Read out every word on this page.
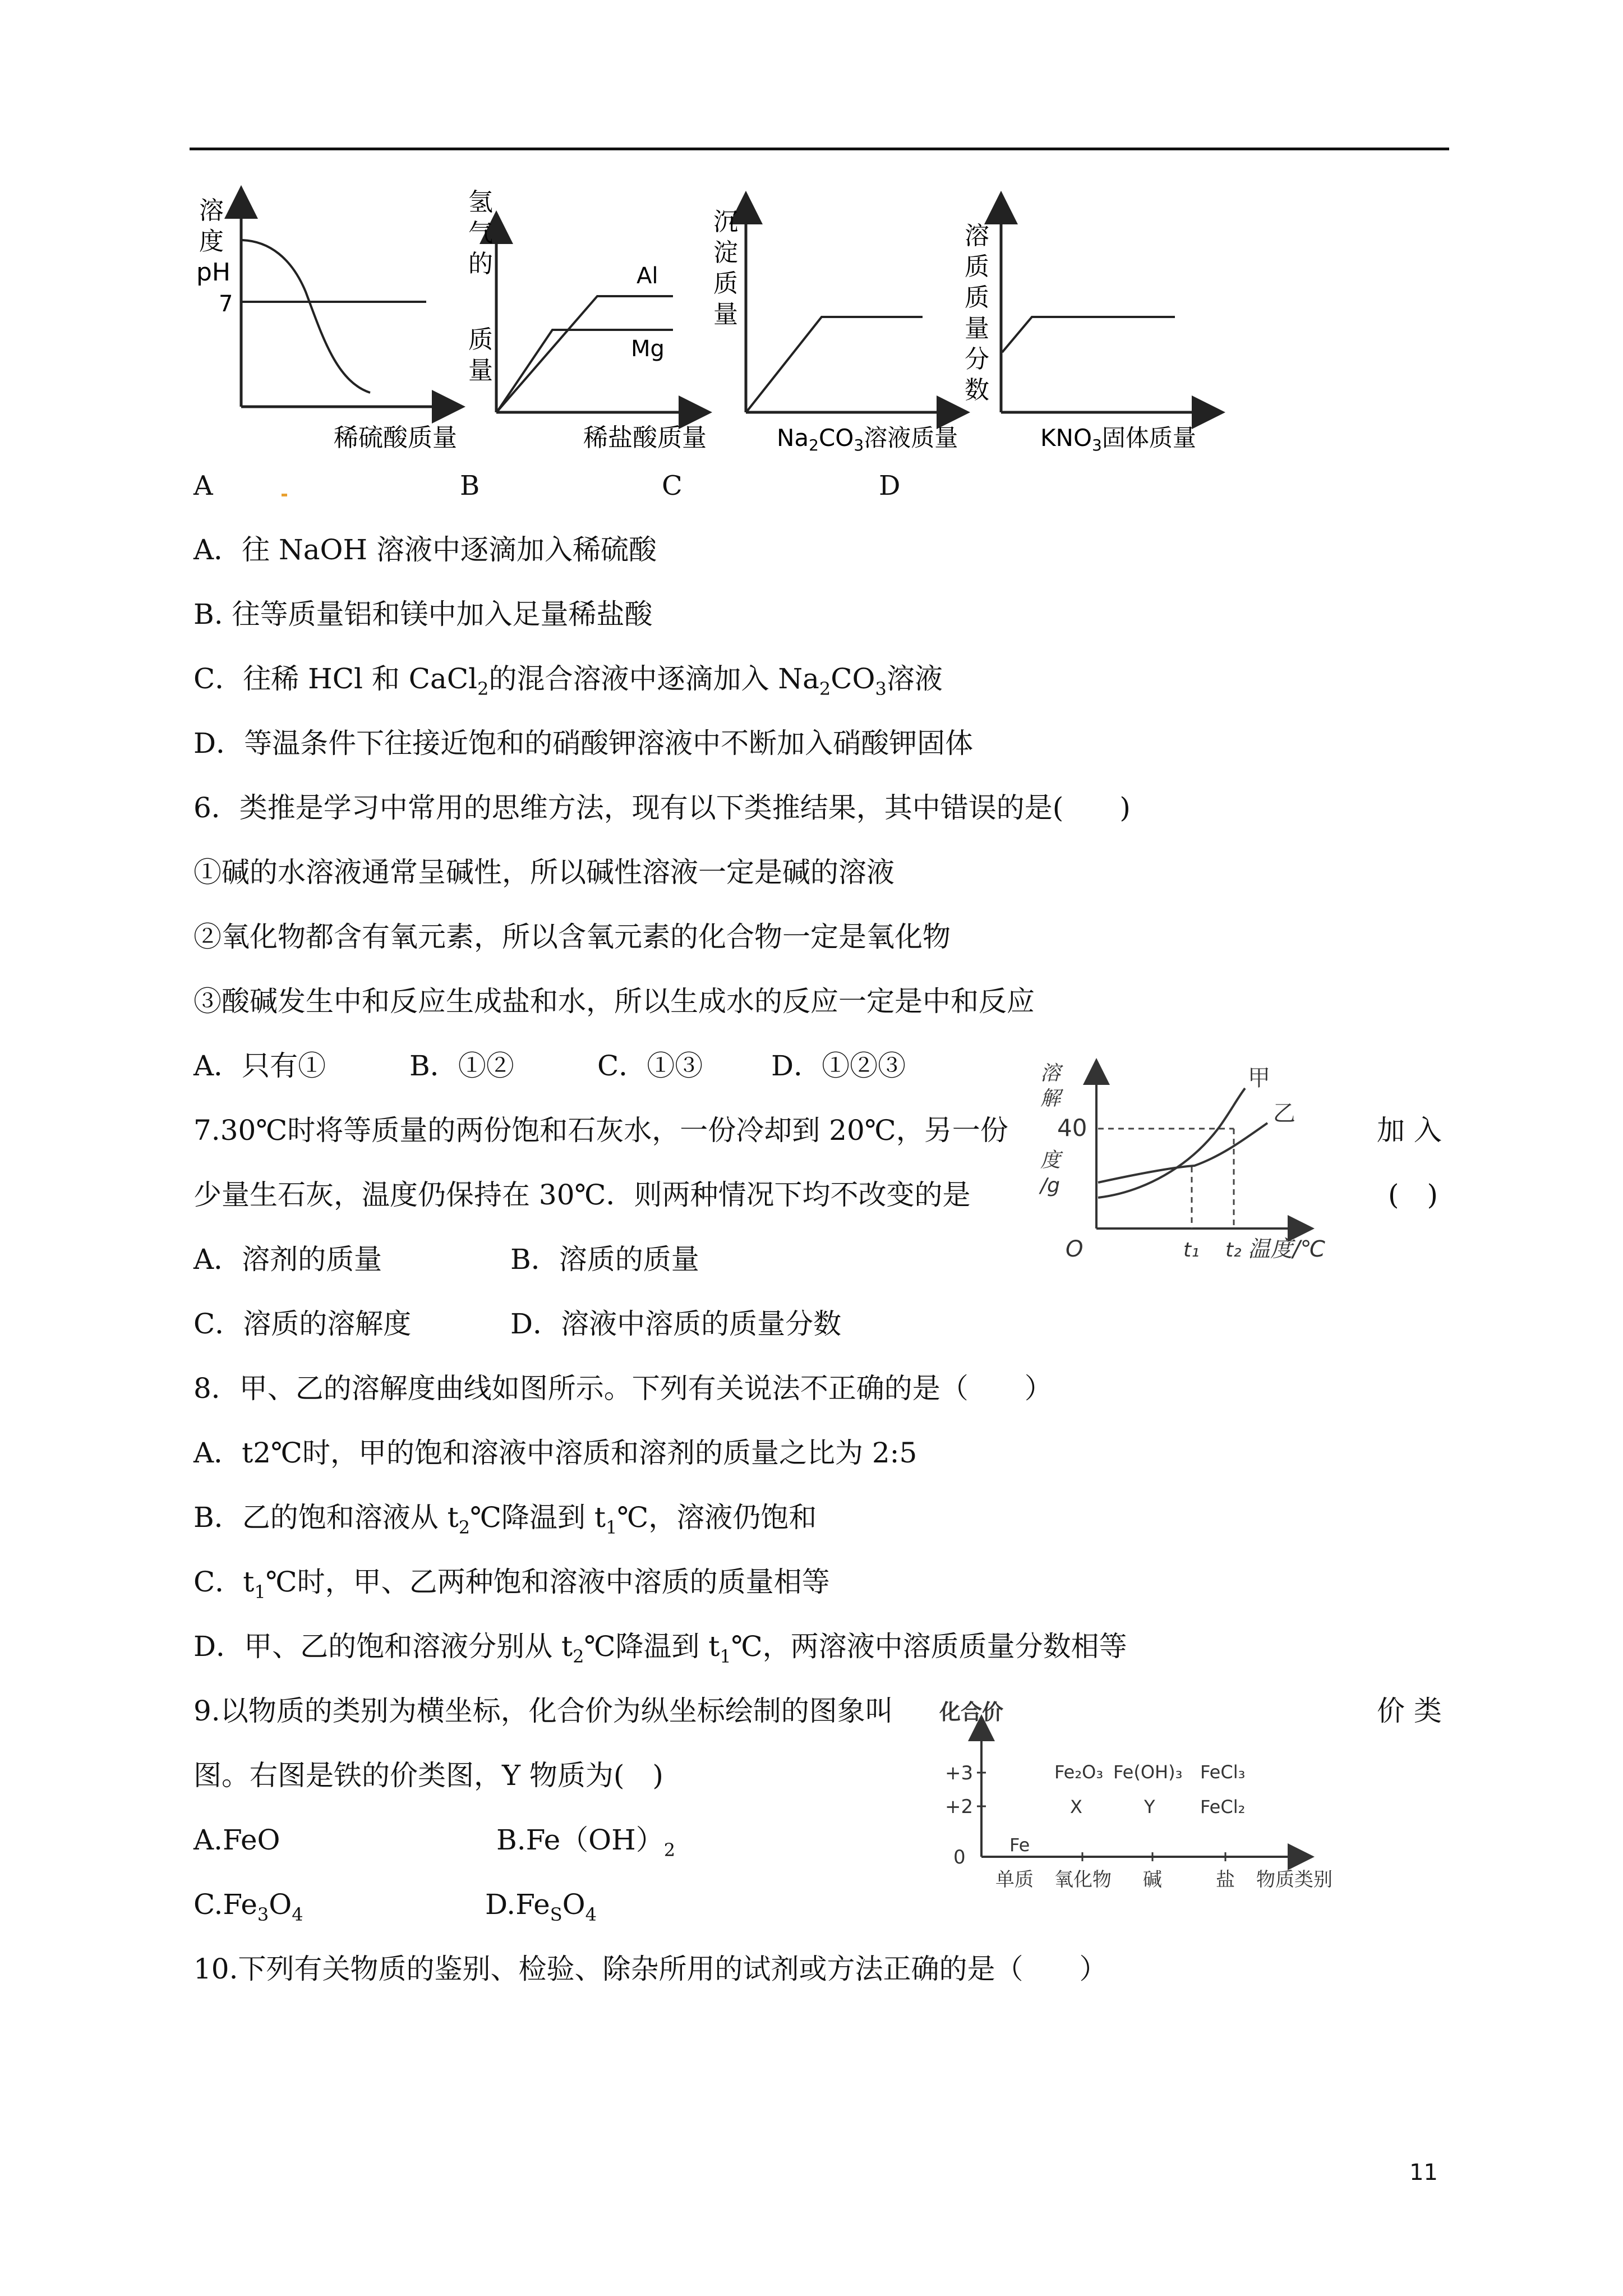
7
稀硫酸质量
溶
度
pH	Al
Mg
稀盐酸质量
氢
气
的
质
量
沉
淀
质
量
Na2CO3溶液质量
溶
质
质
量
分
数
KNO3固体质量
A	B	C	D
A．往 NaOH 溶液中逐滴加入稀硫酸
B. 往等质量铝和镁中加入足量稀盐酸
C．往稀 HCl 和 CaCl$_2$的混合溶液中逐滴加入 $Na_2CO_3$溶液
D．等温条件下往接近饱和的硝酸钾溶液中不断加入硝酸钾固体
6．类推是学习中常用的思维方法，现有以下类推结果，其中错误的是(　　)
①碱的水溶液通常呈碱性，所以碱性溶液一定是碱的溶液
②氧化物都含有氧元素，所以含氧元素的化合物一定是氧化物
③酸碱发生中和反应生成盐和水，所以生成水的反应一定是中和反应
A．只有①	B．①②	C．①③ D．①②③
7.30℃时将等质量的两份饱和石灰水，一份冷却到 20℃，另一份	加 入
少量生石灰，温度仍保持在 30℃．则两种情况下均不改变的是	(　)
A．溶剂的质量	B．溶质的质量
C．溶质的溶解度	D．溶液中溶质的质量分数
40
甲
乙
O	t₁ t₂ 温度/℃
溶
解
度
/g
8．甲、乙的溶解度曲线如图所示。下列有关说法不正确的是（　　）
A．t2℃时，甲的饱和溶液中溶质和溶剂的质量之比为 2:5
B．乙的饱和溶液从 $t_2℃$降温到 $t_1℃$，溶液仍饱和
C．$t_1℃$时，甲、乙两种饱和溶液中溶质的质量相等
D．甲、乙的饱和溶液分别从 $t_2℃$降温到 $t_1℃$，两溶液中溶质质量分数相等
9.以物质的类别为横坐标，化合价为纵坐标绘制的图象叫	价 类
图。右图是铁的价类图，Y 物质为(　)
A.FeO	$B.Fe(OH)_2$
$C.Fe_3O_4$	$D.Fe_SO_4$
化合价
+3
+2
0
Fe₂O₃ Fe(OH)₃ FeCl₃
X	Y	FeCl₂
Fe
单质 氧化物 碱	盐 物质类别
10.下列有关物质的鉴别、检验、除杂所用的试剂或方法正确的是（　　）
11
